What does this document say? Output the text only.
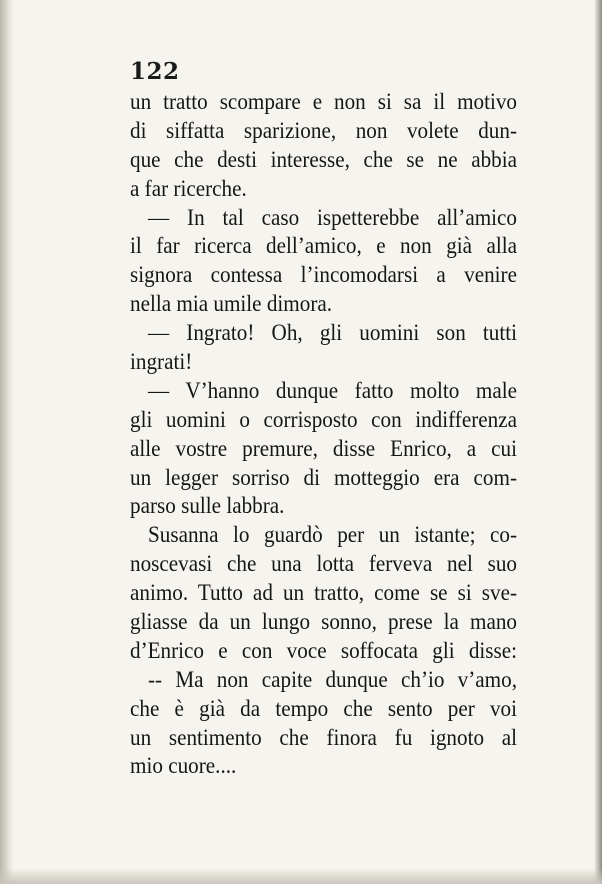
122
un tratto scompare e non si sa il motivo
di siffatta sparizione, non volete dun-
que che desti interesse, che se ne abbia
a far ricerche.
— In tal caso ispetterebbe all’amico
il far ricerca dell’amico, e non già alla
signora contessa l’incomodarsi a venire
nella mia umile dimora.
— Ingrato! Oh, gli uomini son tutti
ingrati!
— V’hanno dunque fatto molto male
gli uomini o corrisposto con indifferenza
alle vostre premure, disse Enrico, a cui
un legger sorriso di motteggio era com-
parso sulle labbra.
Susanna lo guardò per un istante; co-
noscevasi che una lotta ferveva nel suo
animo. Tutto ad un tratto, come se si sve-
gliasse da un lungo sonno, prese la mano
d’Enrico e con voce soffocata gli disse:
-- Ma non capite dunque ch’io v’amo,
che è già da tempo che sento per voi
un sentimento che finora fu ignoto al
mio cuore....
